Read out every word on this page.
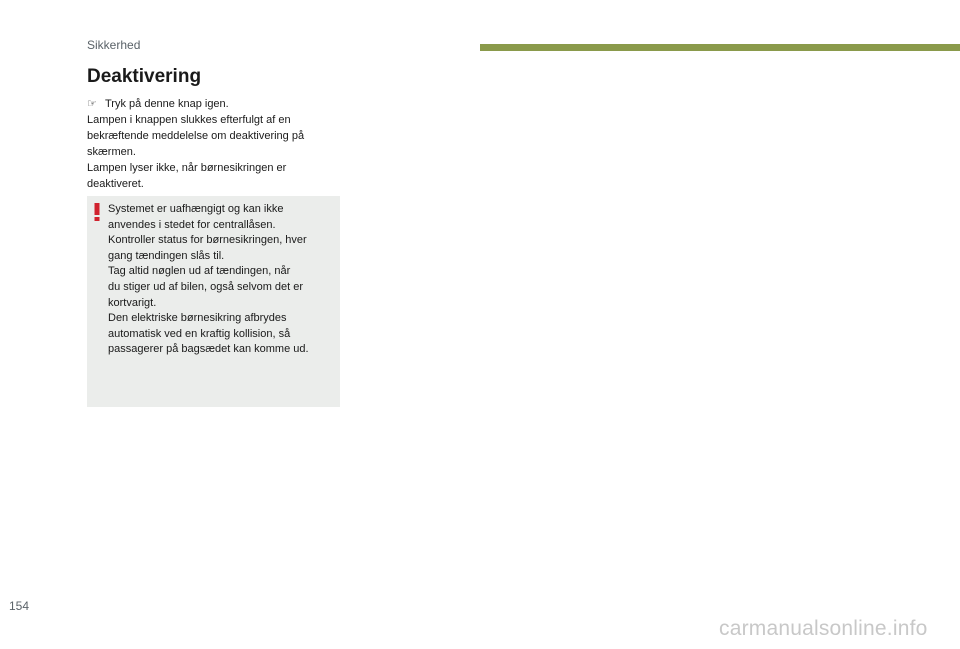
Sikkerhed
Deaktivering

☞ Tryk på denne knap igen.

Lampen i knappen slukkes efterfulgt af en

bekræftende meddelelse om deaktivering på

skærmen.

Lampen lyser ikke, når børnesikringen er

deaktiveret.

Systemet er uafhængigt og kan ikke

anvendes i stedet for centrallåsen.

Kontroller status for børnesikringen, hver

gang tændingen slås til.

Tag altid nøglen ud af tændingen, når

du stiger ud af bilen, også selvom det er

kortvarigt.

Den elektriske børnesikring afbrydes

automatisk ved en kraftig kollision, så

passagerer på bagsædet kan komme ud.

154
carmanualsonline.info
